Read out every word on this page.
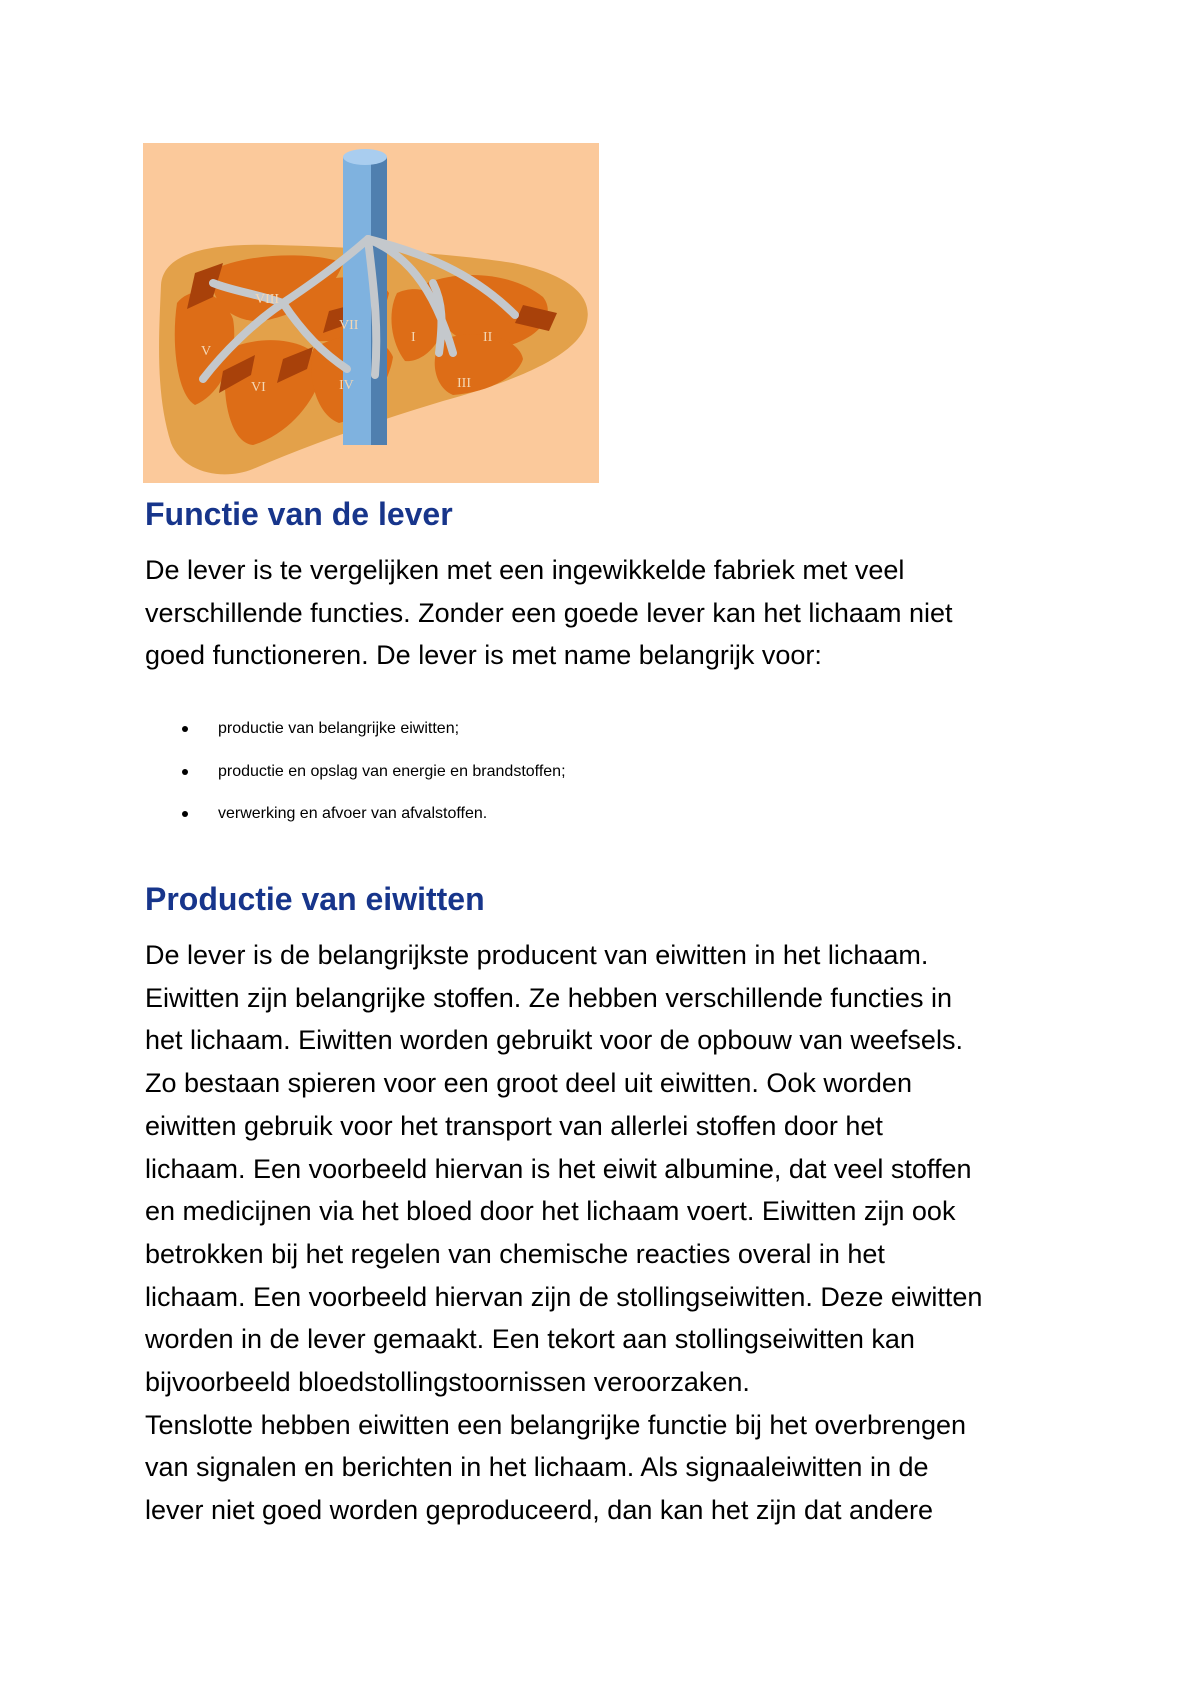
VIII
VII
V
VI	IV
I	II
III
Functie van de lever
De lever is te vergelijken met een ingewikkelde fabriek met veel
verschillende functies. Zonder een goede lever kan het lichaam niet
goed functioneren. De lever is met name belangrijk voor:
productie van belangrijke eiwitten;
productie en opslag van energie en brandstoffen;
verwerking en afvoer van afvalstoffen.
Productie van eiwitten
De lever is de belangrijkste producent van eiwitten in het lichaam.
Eiwitten zijn belangrijke stoffen. Ze hebben verschillende functies in
het lichaam. Eiwitten worden gebruikt voor de opbouw van weefsels.
Zo bestaan spieren voor een groot deel uit eiwitten. Ook worden
eiwitten gebruik voor het transport van allerlei stoffen door het
lichaam. Een voorbeeld hiervan is het eiwit albumine, dat veel stoffen
en medicijnen via het bloed door het lichaam voert. Eiwitten zijn ook
betrokken bij het regelen van chemische reacties overal in het
lichaam. Een voorbeeld hiervan zijn de stollingseiwitten. Deze eiwitten
worden in de lever gemaakt. Een tekort aan stollingseiwitten kan
bijvoorbeeld bloedstollingstoornissen veroorzaken.
Tenslotte hebben eiwitten een belangrijke functie bij het overbrengen
van signalen en berichten in het lichaam. Als signaaleiwitten in de
lever niet goed worden geproduceerd, dan kan het zijn dat andere
